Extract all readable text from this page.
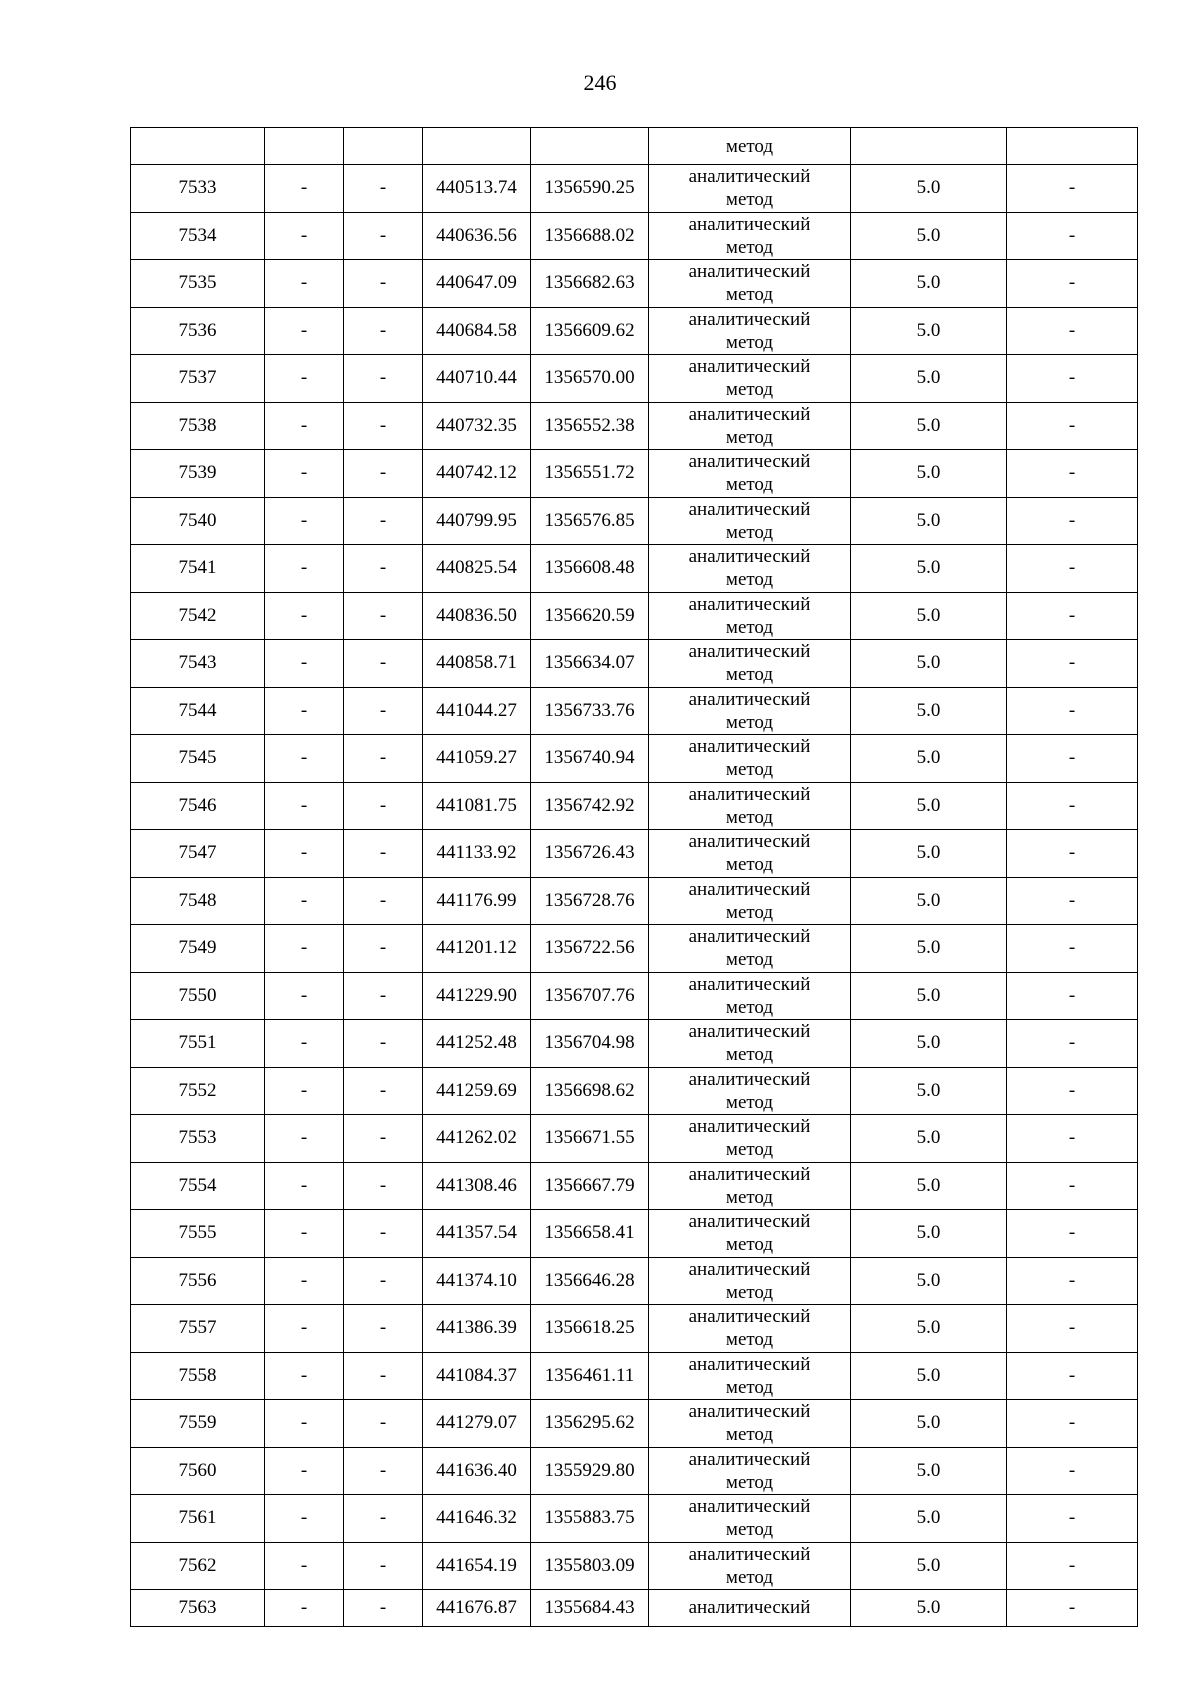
246
					метод		
7533	-	-	440513.74	1356590.25	аналитический
метод	5.0	-
7534	-	-	440636.56	1356688.02	аналитический
метод	5.0	-
7535	-	-	440647.09	1356682.63	аналитический
метод	5.0	-
7536	-	-	440684.58	1356609.62	аналитический
метод	5.0	-
7537	-	-	440710.44	1356570.00	аналитический
метод	5.0	-
7538	-	-	440732.35	1356552.38	аналитический
метод	5.0	-
7539	-	-	440742.12	1356551.72	аналитический
метод	5.0	-
7540	-	-	440799.95	1356576.85	аналитический
метод	5.0	-
7541	-	-	440825.54	1356608.48	аналитический
метод	5.0	-
7542	-	-	440836.50	1356620.59	аналитический
метод	5.0	-
7543	-	-	440858.71	1356634.07	аналитический
метод	5.0	-
7544	-	-	441044.27	1356733.76	аналитический
метод	5.0	-
7545	-	-	441059.27	1356740.94	аналитический
метод	5.0	-
7546	-	-	441081.75	1356742.92	аналитический
метод	5.0	-
7547	-	-	441133.92	1356726.43	аналитический
метод	5.0	-
7548	-	-	441176.99	1356728.76	аналитический
метод	5.0	-
7549	-	-	441201.12	1356722.56	аналитический
метод	5.0	-
7550	-	-	441229.90	1356707.76	аналитический
метод	5.0	-
7551	-	-	441252.48	1356704.98	аналитический
метод	5.0	-
7552	-	-	441259.69	1356698.62	аналитический
метод	5.0	-
7553	-	-	441262.02	1356671.55	аналитический
метод	5.0	-
7554	-	-	441308.46	1356667.79	аналитический
метод	5.0	-
7555	-	-	441357.54	1356658.41	аналитический
метод	5.0	-
7556	-	-	441374.10	1356646.28	аналитический
метод	5.0	-
7557	-	-	441386.39	1356618.25	аналитический
метод	5.0	-
7558	-	-	441084.37	1356461.11	аналитический
метод	5.0	-
7559	-	-	441279.07	1356295.62	аналитический
метод	5.0	-
7560	-	-	441636.40	1355929.80	аналитический
метод	5.0	-
7561	-	-	441646.32	1355883.75	аналитический
метод	5.0	-
7562	-	-	441654.19	1355803.09	аналитический
метод	5.0	-
7563	-	-	441676.87	1355684.43	аналитический	5.0	-
